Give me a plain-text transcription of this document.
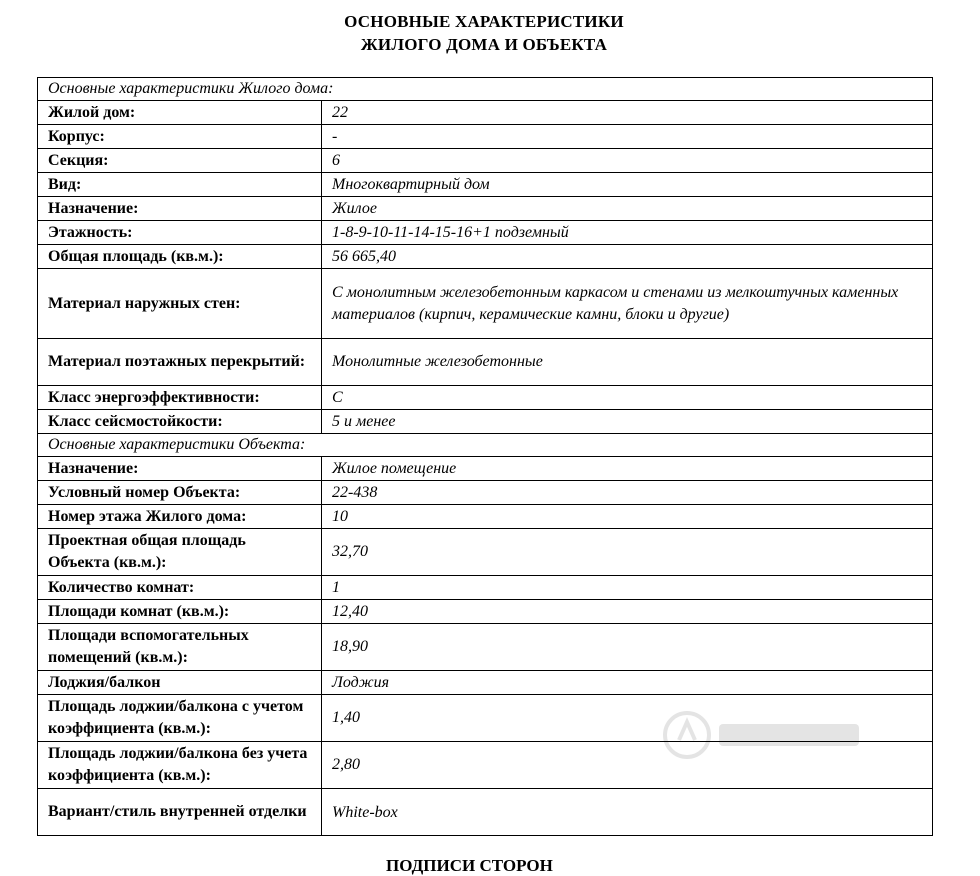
ОСНОВНЫЕ ХАРАКТЕРИСТИКИ
ЖИЛОГО ДОМА И ОБЪЕКТА
Основные характеристики Жилого дома:	
Жилой дом:	22
Корпус:	-
Секция:	6
Вид:	Многоквартирный дом
Назначение:	Жилое
Этажность:	1-8-9-10-11-14-15-16+1 подземный
Общая площадь (кв.м.):	56 665,40
Материал наружных стен:	С монолитным железобетонным каркасом и стенами из мелкоштучных каменных материалов (кирпич, керамические камни, блоки и другие)
Материал поэтажных перекрытий:	Монолитные железобетонные
Класс энергоэффективности:	C
Класс сейсмостойкости:	5 и менее
Основные характеристики Объекта:	
Назначение:	Жилое помещение
Условный номер Объекта:	22-438
Номер этажа Жилого дома:	10
Проектная общая площадь Объекта (кв.м.):	32,70
Количество комнат:	1
Площади комнат (кв.м.):	12,40
Площади вспомогательных помещений (кв.м.):	18,90
Лоджия/балкон	Лоджия
Площадь лоджии/балкона с учетом коэффициента (кв.м.):	1,40
Площадь лоджии/балкона без учета коэффициента (кв.м.):	2,80
Вариант/стиль внутренней отделки	White-box
ПОДПИСИ СТОРОН
